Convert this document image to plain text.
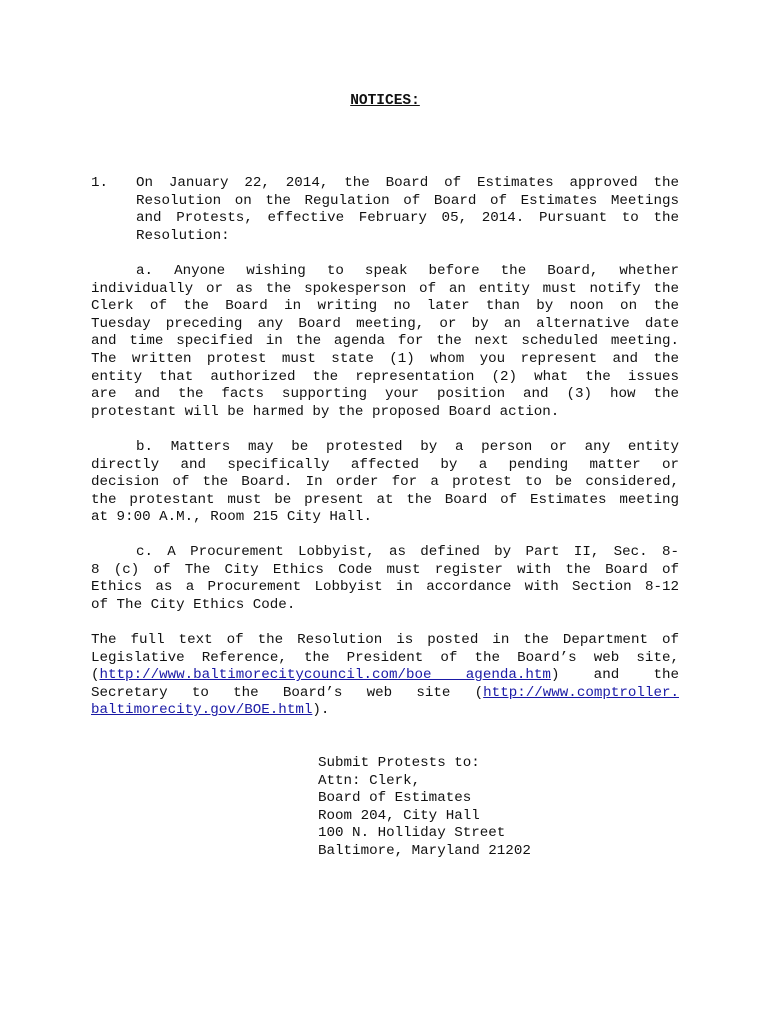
NOTICES:
1. On January 22, 2014, the Board of Estimates approved the
Resolution on the Regulation of Board of Estimates Meetings
and Protests, effective February 05, 2014. Pursuant to the
Resolution:
a. Anyone wishing to speak before the Board, whether
individually or as the spokesperson of an entity must notify the
Clerk of the Board in writing no later than by noon on the
Tuesday preceding any Board meeting, or by an alternative date
and time specified in the agenda for the next scheduled meeting.
The written protest must state (1) whom you represent and the
entity that authorized the representation (2) what the issues
are and the facts supporting your position and (3) how the
protestant will be harmed by the proposed Board action.
b. Matters may be protested by a person or any entity
directly and specifically affected by a pending matter or
decision of the Board. In order for a protest to be considered,
the protestant must be present at the Board of Estimates meeting
at 9:00 A.M., Room 215 City Hall.
c. A Procurement Lobbyist, as defined by Part II, Sec. 8-
8 (c) of The City Ethics Code must register with the Board of
Ethics as a Procurement Lobbyist in accordance with Section 8-12
of The City Ethics Code.
The full text of the Resolution is posted in the Department of
Legislative Reference, the President of the Board’s web site,
(http://www.baltimorecitycouncil.com/boe agenda.htm) and the
Secretary to the Board’s web site (http://www.comptroller.
baltimorecity.gov/BOE.html).
Submit Protests to:
Attn: Clerk,
Board of Estimates
Room 204, City Hall
100 N. Holliday Street
Baltimore, Maryland 21202
